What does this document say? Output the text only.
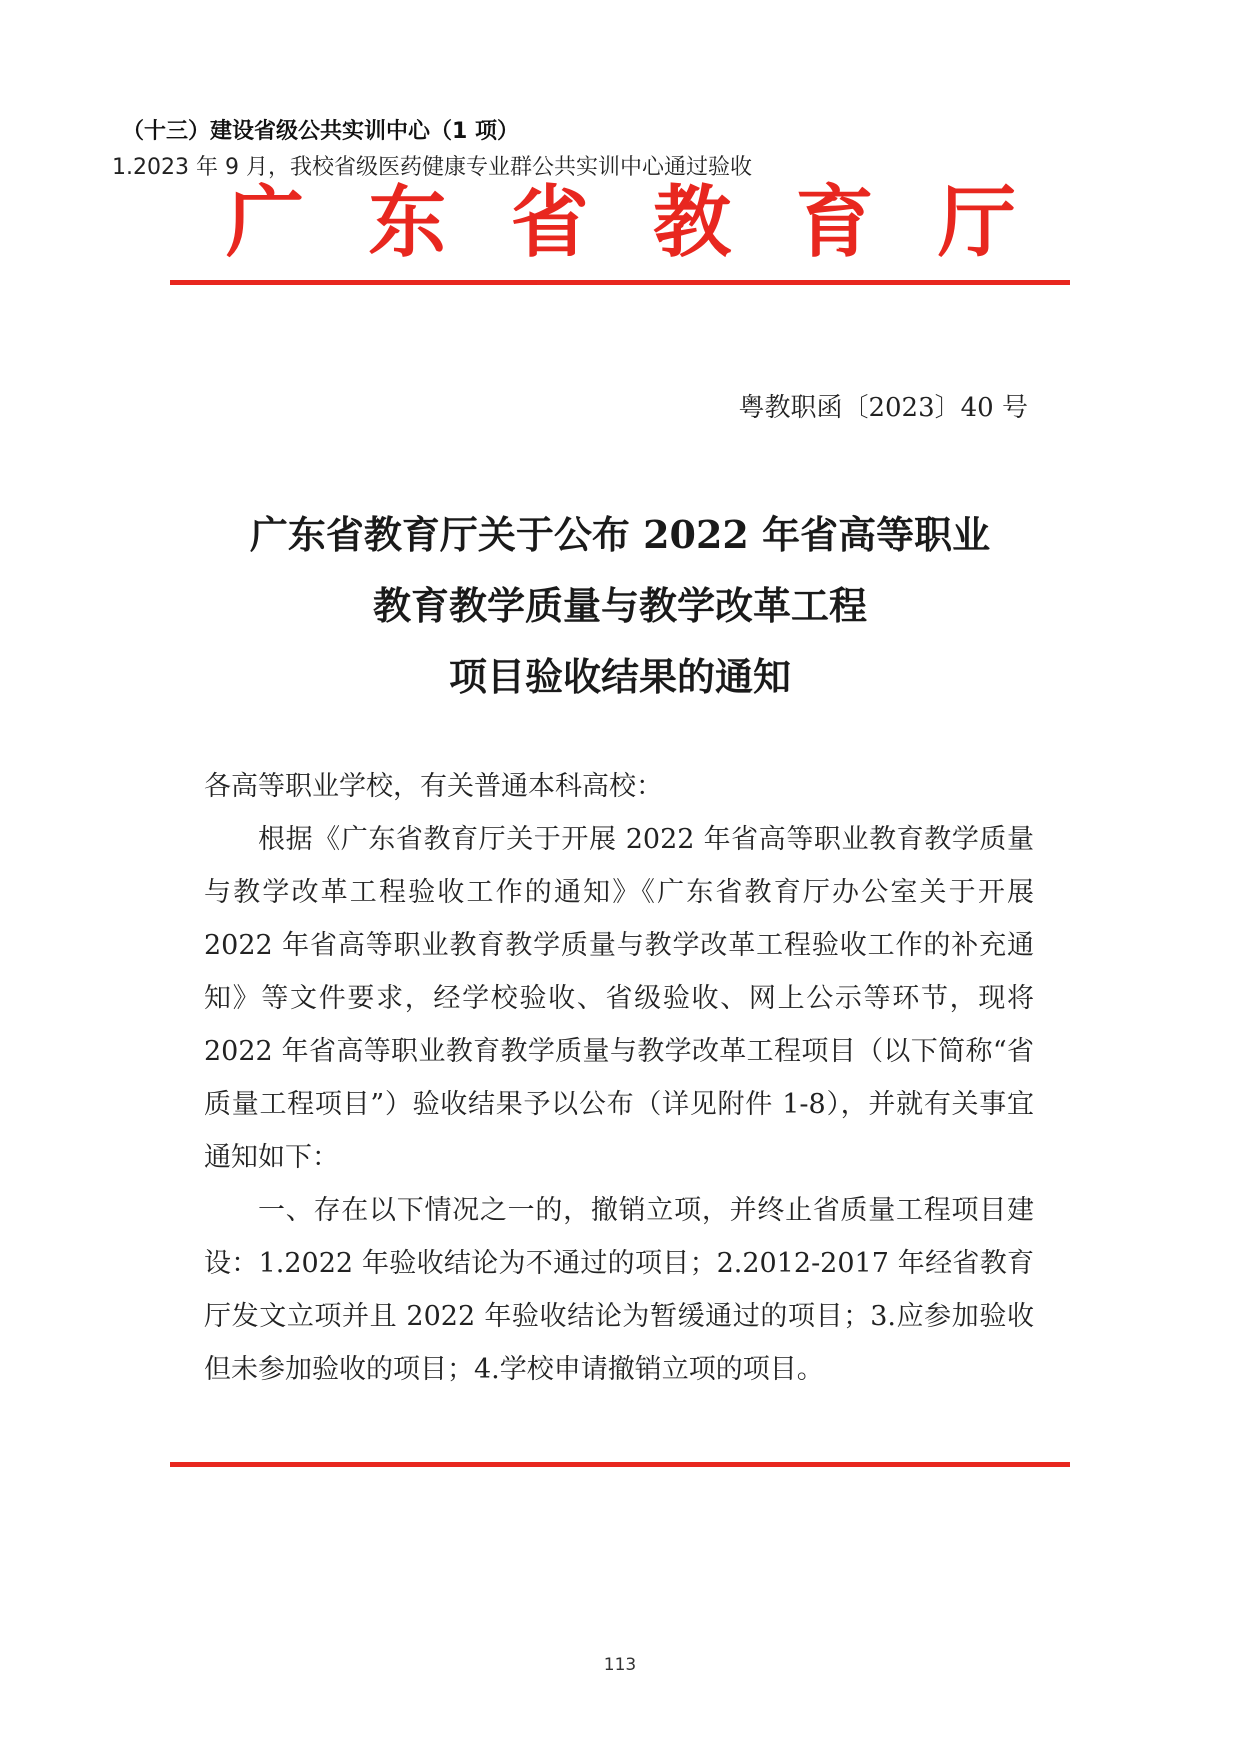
（十三）建设省级公共实训中心（1 项）
1.2023 年 9 月，我校省级医药健康专业群公共实训中心通过验收
广 东 省 教 育 厅
粤教职函〔2023〕40 号
广东省教育厅关于公布 2022 年省高等职业
教育教学质量与教学改革工程
项目验收结果的通知

各高等职业学校，有关普通本科高校：

根据《广东省教育厅关于开展 2022 年省高等职业教育教学质量与教学改革工程验收工作的通知》《广东省教育厅办公室关于开展 2022 年省高等职业教育教学质量与教学改革工程验收工作的补充通知》等文件要求，经学校验收、省级验收、网上公示等环节，现将 2022 年省高等职业教育教学质量与教学改革工程项目（以下简称“省质量工程项目”）验收结果予以公布（详见附件 1-8），并就有关事宜通知如下：

一、存在以下情况之一的，撤销立项，并终止省质量工程项目建设：1.2022 年验收结论为不通过的项目；2.2012-2017 年经省教育厅发文立项并且 2022 年验收结论为暂缓通过的项目；3.应参加验收但未参加验收的项目；4.学校申请撤销立项的项目。

113
